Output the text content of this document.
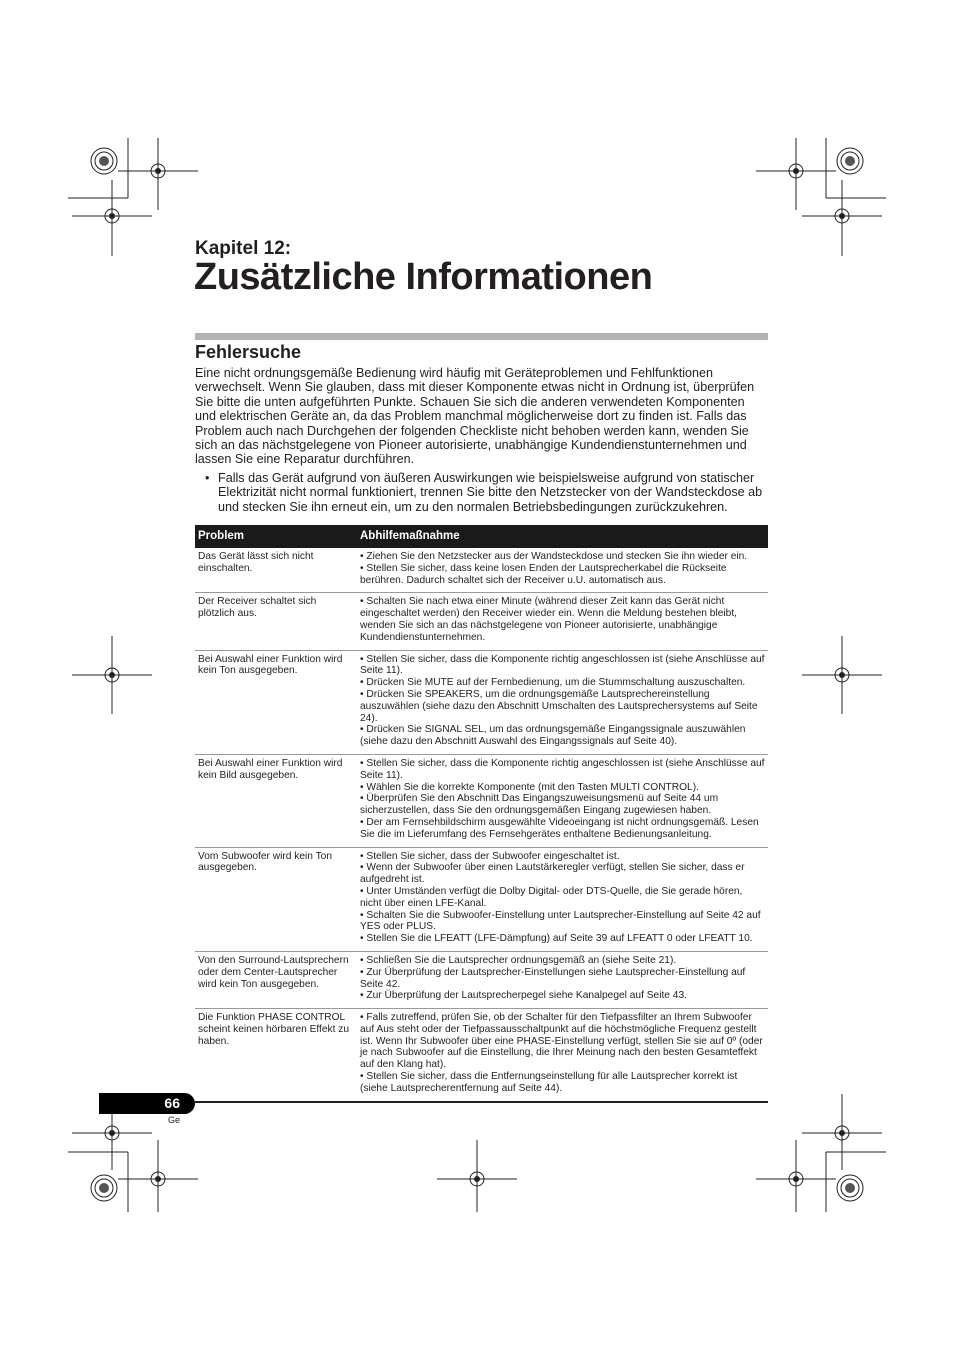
Kapitel 12:
Zusätzliche Informationen
Fehlersuche

Eine nicht ordnungsgemäße Bedienung wird häufig mit Geräteproblemen und Fehlfunktionen verwechselt. Wenn Sie glauben, dass mit dieser Komponente etwas nicht in Ordnung ist, überprüfen Sie bitte die unten aufgeführten Punkte. Schauen Sie sich die anderen verwendeten Komponenten und elektrischen Geräte an, da das Problem manchmal möglicherweise dort zu finden ist. Falls das Problem auch nach Durchgehen der folgenden Checkliste nicht behoben werden kann, wenden Sie sich an das nächstgelegene von Pioneer autorisierte, unabhängige Kundendienstunternehmen und lassen Sie eine Reparatur durchführen.

• Falls das Gerät aufgrund von äußeren Auswirkungen wie beispielsweise aufgrund von statischer Elektrizität nicht normal funktioniert, trennen Sie bitte den Netzstecker von der Wandsteckdose ab und stecken Sie ihn erneut ein, um zu den normalen Betriebsbedingungen zurückzukehren.
Problem	Abhilfemaßnahme
Das Gerät lässt sich nicht einschalten.	• Ziehen Sie den Netzstecker aus der Wandsteckdose und stecken Sie ihn wieder ein.
• Stellen Sie sicher, dass keine losen Enden der Lautsprecherkabel die Rückseite berühren. Dadurch schaltet sich der Receiver u.U. automatisch aus.

Der Receiver schaltet sich plötzlich aus.	• Schalten Sie nach etwa einer Minute (während dieser Zeit kann das Gerät nicht eingeschaltet werden) den Receiver wieder ein. Wenn die Meldung bestehen bleibt, wenden Sie sich an das nächstgelegene von Pioneer autorisierte, unabhängige Kundendienstunternehmen.

Bei Auswahl einer Funktion wird kein Ton ausgegeben.	• Stellen Sie sicher, dass die Komponente richtig angeschlossen ist (siehe Anschlüsse auf Seite 11).
• Drücken Sie MUTE auf der Fernbedienung, um die Stummschaltung auszuschalten.
• Drücken Sie SPEAKERS, um die ordnungsgemäße Lautsprechereinstellung auszuwählen (siehe dazu den Abschnitt Umschalten des Lautsprechersystems auf Seite 24).
• Drücken Sie SIGNAL SEL, um das ordnungsgemäße Eingangssignale auszuwählen (siehe dazu den Abschnitt Auswahl des Eingangssignals auf Seite 40).

Bei Auswahl einer Funktion wird kein Bild ausgegeben.	• Stellen Sie sicher, dass die Komponente richtig angeschlossen ist (siehe Anschlüsse auf Seite 11).
• Wählen Sie die korrekte Komponente (mit den Tasten MULTI CONTROL).
• Überprüfen Sie den Abschnitt Das Eingangszuweisungsmenü auf Seite 44 um sicherzustellen, dass Sie den ordnungsgemäßen Eingang zugewiesen haben.
• Der am Fernsehbildschirm ausgewählte Videoeingang ist nicht ordnungsgemäß. Lesen Sie die im Lieferumfang des Fernsehgerätes enthaltene Bedienungsanleitung.

Vom Subwoofer wird kein Ton ausgegeben.	• Stellen Sie sicher, dass der Subwoofer eingeschaltet ist.
• Wenn der Subwoofer über einen Lautstärkeregler verfügt, stellen Sie sicher, dass er aufgedreht ist.
• Unter Umständen verfügt die Dolby Digital- oder DTS-Quelle, die Sie gerade hören, nicht über einen LFE-Kanal.
• Schalten Sie die Subwoofer-Einstellung unter Lautsprecher-Einstellung auf Seite 42 auf YES oder PLUS.
• Stellen Sie die LFEATT (LFE-Dämpfung) auf Seite 39 auf LFEATT 0 oder LFEATT 10.

Von den Surround-Lautsprechern oder dem Center-Lautsprecher wird kein Ton ausgegeben.	• Schließen Sie die Lautsprecher ordnungsgemäß an (siehe Seite 21).
• Zur Überprüfung der Lautsprecher-Einstellungen siehe Lautsprecher-Einstellung auf Seite 42.
• Zur Überprüfung der Lautsprecherpegel siehe Kanalpegel auf Seite 43.

Die Funktion PHASE CONTROL scheint keinen hörbaren Effekt zu haben.	• Falls zutreffend, prüfen Sie, ob der Schalter für den Tiefpassfilter an Ihrem Subwoofer auf Aus steht oder der Tiefpassausschaltpunkt auf die höchstmögliche Frequenz gestellt ist. Wenn Ihr Subwoofer über eine PHASE-Einstellung verfügt, stellen Sie sie auf 0º (oder je nach Subwoofer auf die Einstellung, die Ihrer Meinung nach den besten Gesamteffekt auf den Klang hat).
• Stellen Sie sicher, dass die Entfernungseinstellung für alle Lautsprecher korrekt ist (siehe Lautsprecherentfernung auf Seite 44).
66
Ge
